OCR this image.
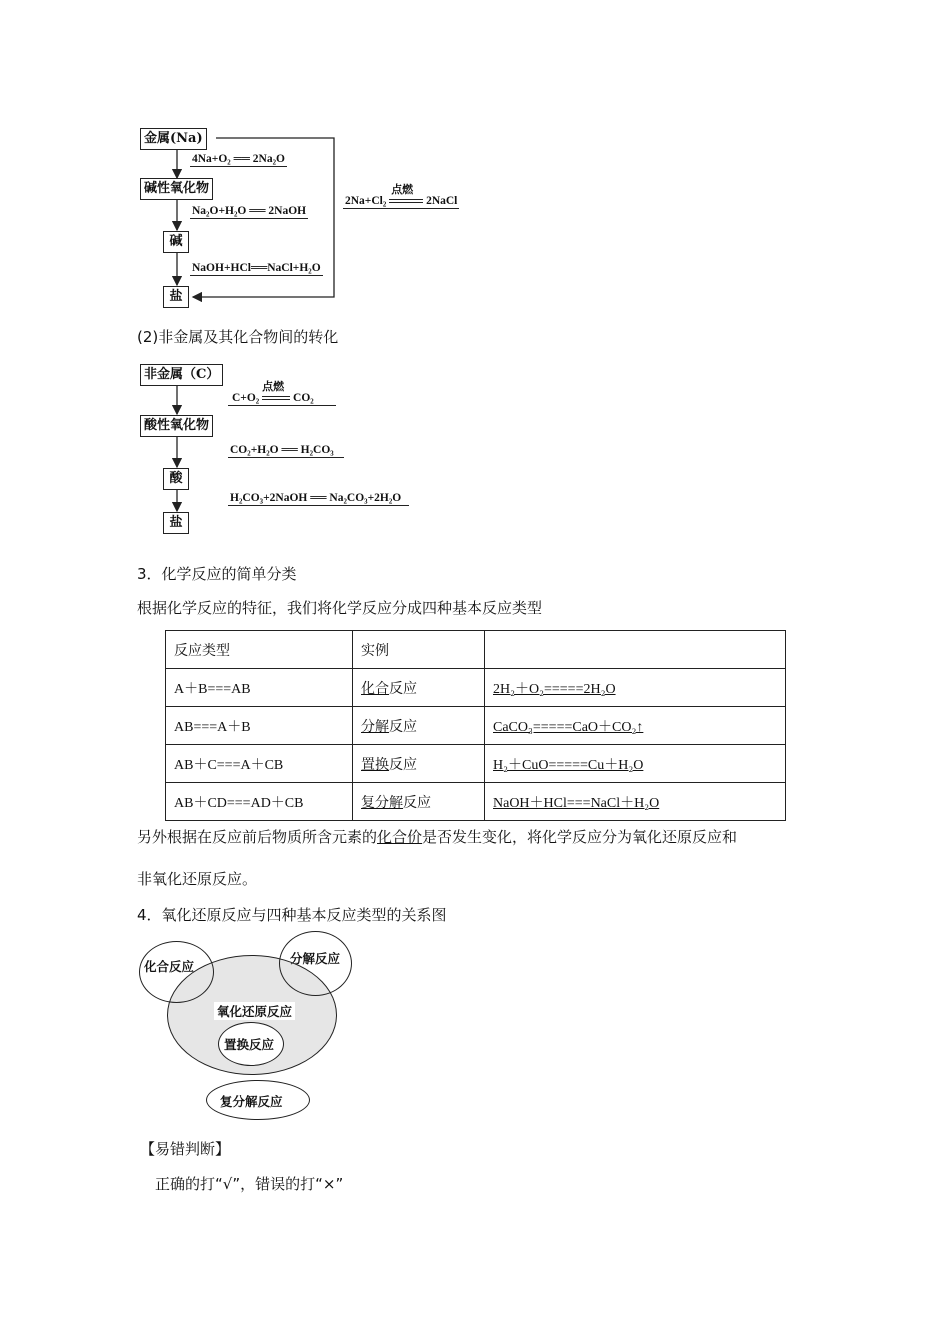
金属(Na)
碱性氧化物
碱
盐
4Na+O₂ ══ 2Na₂O
Na₂O+H₂O ══ 2NaOH
NaOH+HCl══NaCl+H₂O
2Na+Cl₂
点燃
2NaCl
(2)非金属及其化合物间的转化
非金属（C）
酸性氧化物
酸
盐
C+O₂
点燃
CO₂
CO₂+H₂O ══ H₂CO₃
H₂CO₃+2NaOH ══ Na₂CO₃+2H₂O
3．化学反应的简单分类
根据化学反应的特征，我们将化学反应分成四种基本反应类型
反应类型	实例	
A＋B===AB	化合反应	2H₂＋O₂=====2H₂O
AB===A＋B	分解反应	CaCO₃=====CaO＋CO₂↑
AB＋C===A＋CB	置换反应	H₂＋CuO=====Cu＋H₂O
AB＋CD===AD＋CB	复分解反应	NaOH＋HCl===NaCl＋H₂O
另外根据在反应前后物质所含元素的化合价是否发生变化，将化学反应分为氧化还原反应和
非氧化还原反应。
4．氧化还原反应与四种基本反应类型的关系图
化合反应
分解反应
氧化还原反应
置换反应
复分解反应
【易错判断】
正确的打“√”，错误的打“×”
